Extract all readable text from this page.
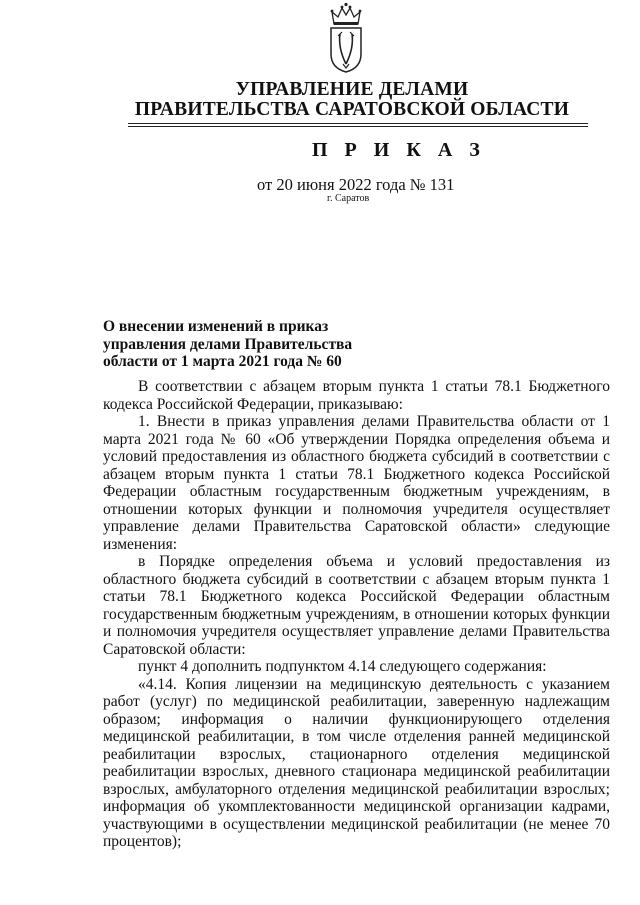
УПРАВЛЕНИЕ ДЕЛАМИ
ПРАВИТЕЛЬСТВА САРАТОВСКОЙ ОБЛАСТИ
П Р И К А З
от 20 июня 2022 года № 131
г. Саратов
О внесении изменений в приказ
управления делами Правительства
области от 1 марта 2021 года № 60

В соответствии с абзацем вторым пункта 1 статьи 78.1 Бюджетного кодекса Российской Федерации, приказываю:

1. Внести в приказ управления делами Правительства области от 1 марта 2021 года № 60 «Об утверждении Порядка определения объема и условий предоставления из областного бюджета субсидий в соответствии с абзацем вторым пункта 1 статьи 78.1 Бюджетного кодекса Российской Федерации областным государственным бюджетным учреждениям, в отношении которых функции и полномочия учредителя осуществляет управление делами Правительства Саратовской области» следующие изменения:

в Порядке определения объема и условий предоставления из областного бюджета субсидий в соответствии с абзацем вторым пункта 1 статьи 78.1 Бюджетного кодекса Российской Федерации областным государственным бюджетным учреждениям, в отношении которых функции и полномочия учредителя осуществляет управление делами Правительства Саратовской области:

пункт 4 дополнить подпунктом 4.14 следующего содержания:

«4.14. Копия лицензии на медицинскую деятельность с указанием работ (услуг) по медицинской реабилитации, заверенную надлежащим образом; информация о наличии функционирующего отделения медицинской реабилитации, в том числе отделения ранней медицинской реабилитации взрослых, стационарного отделения медицинской реабилитации взрослых, дневного стационара медицинской реабилитации взрослых, амбулаторного отделения медицинской реабилитации взрослых; информация об укомплектованности медицинской организации кадрами, участвующими в осуществлении медицинской реабилитации (не менее 70 процентов);
